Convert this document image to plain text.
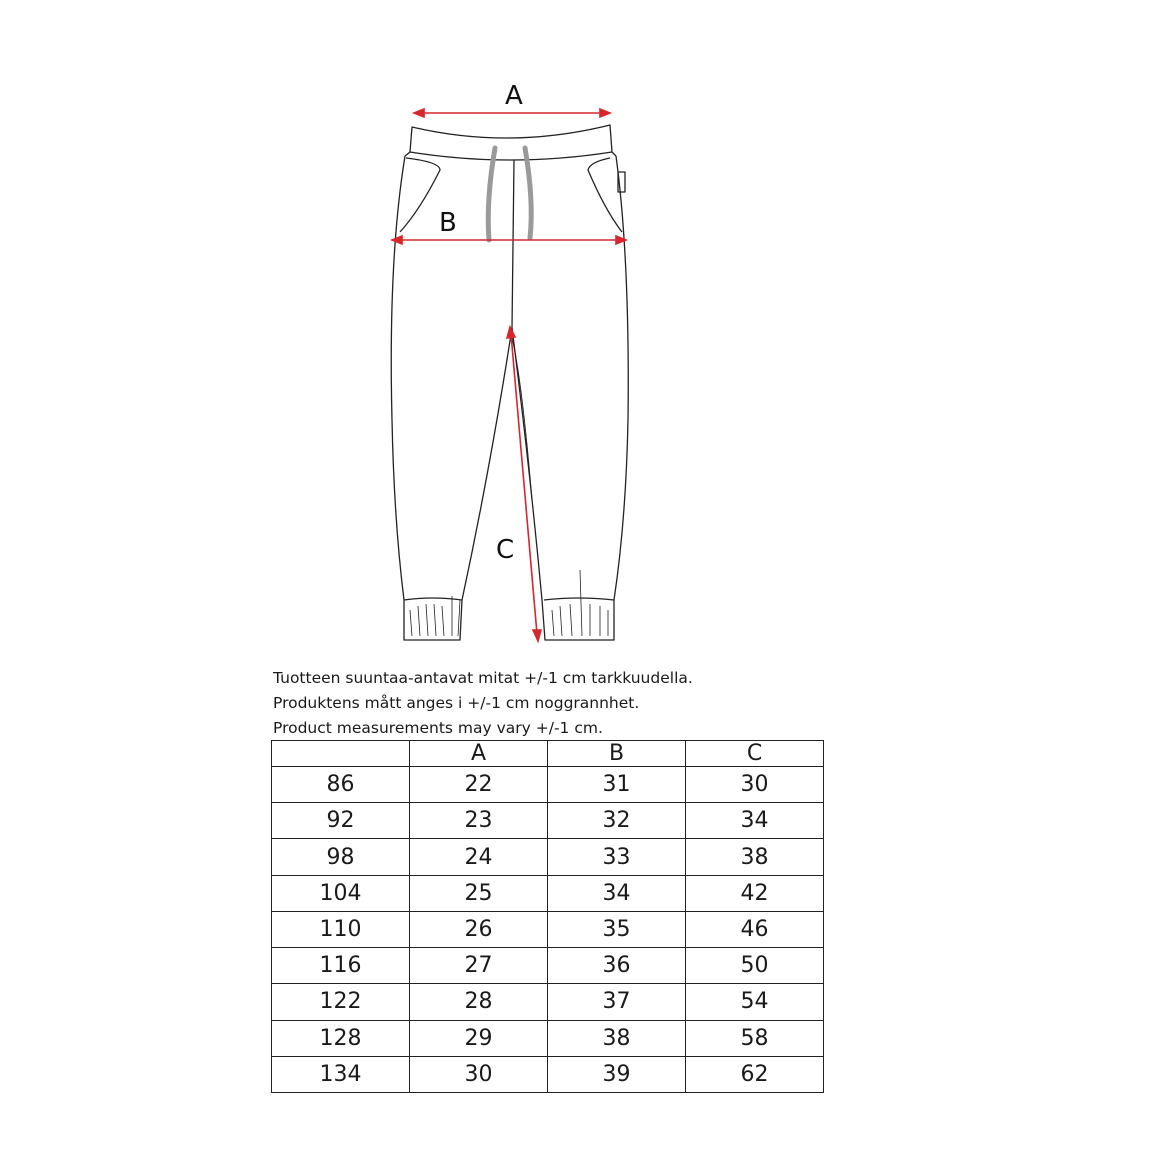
A
B
C
Tuotteen suuntaa-antavat mitat +/-1 cm tarkkuudella.
Produktens mått anges i +/-1 cm noggrannhet.
Product measurements may vary +/-1 cm.
	A	B	C
86	22	31	30
92	23	32	34
98	24	33	38
104	25	34	42
110	26	35	46
116	27	36	50
122	28	37	54
128	29	38	58
134	30	39	62
